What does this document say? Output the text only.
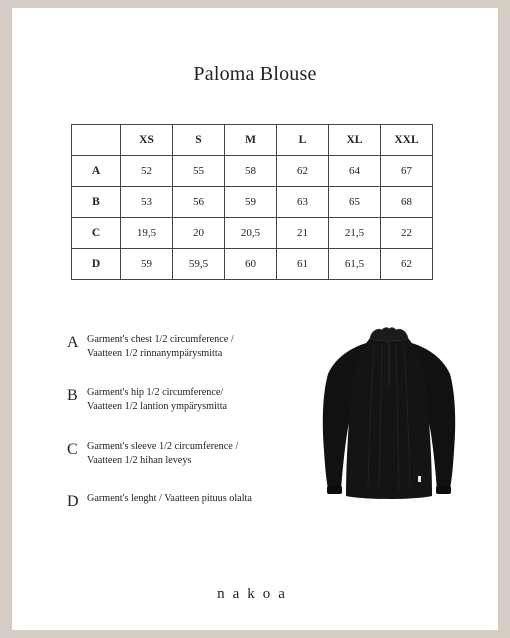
Paloma Blouse
	XS	S	M	L	XL	XXL
A	52	55	58	62	64	67
B	53	56	59	63	65	68
C	19,5	20	20,5	21	21,5	22
D	59	59,5	60	61	61,5	62
A Garment's chest 1/2 circumference /
Vaatteen 1/2 rinnanympärysmitta
B Garment's hip 1/2 circumference/
Vaatteen 1/2 lantion ympärysmitta
C Garment's sleeve 1/2 circumference /
Vaatteen 1/2 hihan leveys
D Garment's lenght / Vaatteen pituus olalta
nakoa
